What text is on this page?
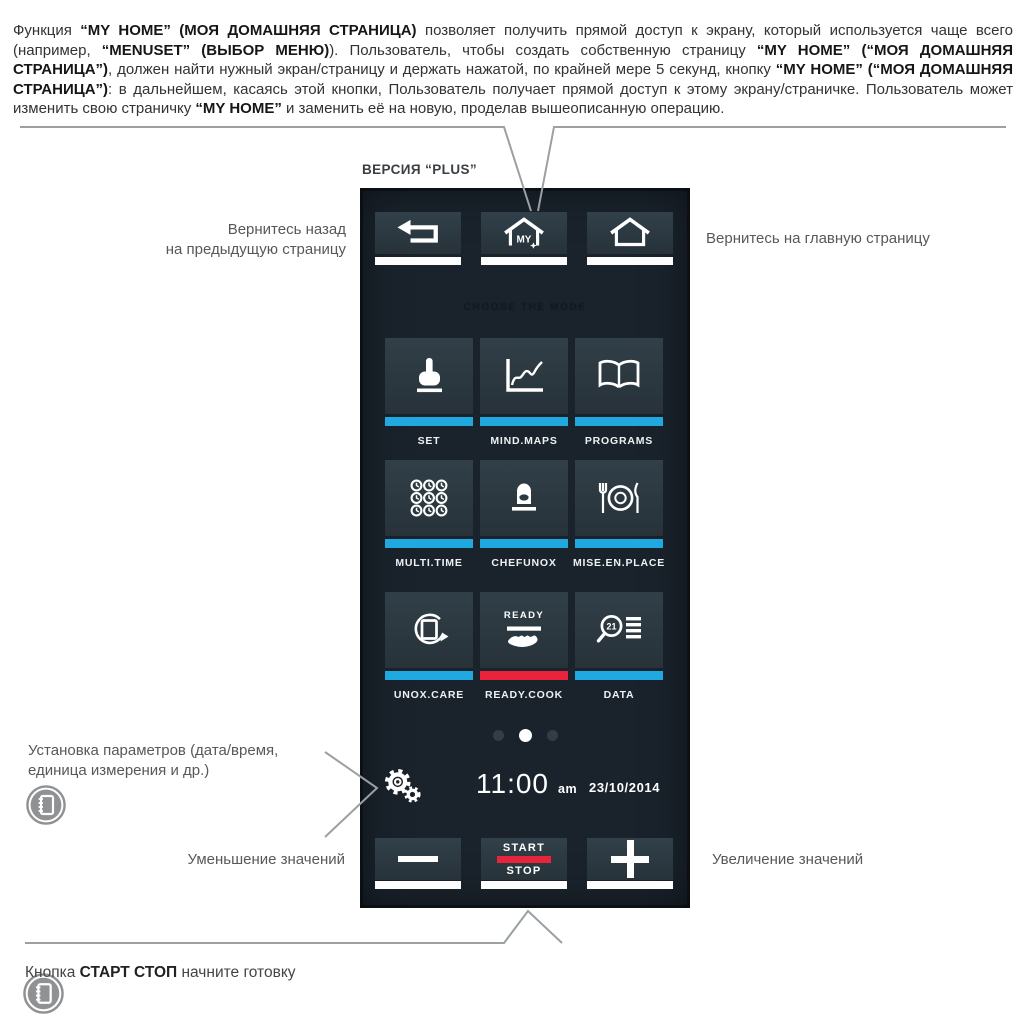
Функция “MY HOME” (МОЯ ДОМАШНЯЯ СТРАНИЦА) позволяет получить прямой доступ к экрану, который используется чаще всего (например, “MENUSET” (ВЫБОР МЕНЮ)). Пользователь, чтобы создать собственную страницу “MY HOME” (“МОЯ ДОМАШНЯЯ СТРАНИЦА”), должен найти нужный экран/страницу и держать нажатой, по крайней мере 5 секунд, кнопку “MY HOME” (“МОЯ ДОМАШНЯЯ СТРАНИЦА”): в дальнейшем, касаясь этой кнопки, Пользователь получает прямой доступ к этому экрану/страничке. Пользователь может изменить свою страничку “MY HOME” и заменить её на новую, проделав вышеописанную операцию.

ВЕРСИЯ “PLUS”
Вернитесь назад
на предыдущую страницу
Вернитесь на главную страницу
Установка параметров (дата/время,
единица измерения и др.)
Уменьшение значений	Увеличение значений

Кнопка СТАРТ СТОП начните готовку

MY
CHOOSE THE MODE
SET	MIND.MAPS	PROGRAMS
MULTI.TIME	CHEFUNOX MISE.EN.PLACE
UNOX.CARE
READY
READY.COOK
21
DATA
11:00 am 23/10/2014
START
STOP
